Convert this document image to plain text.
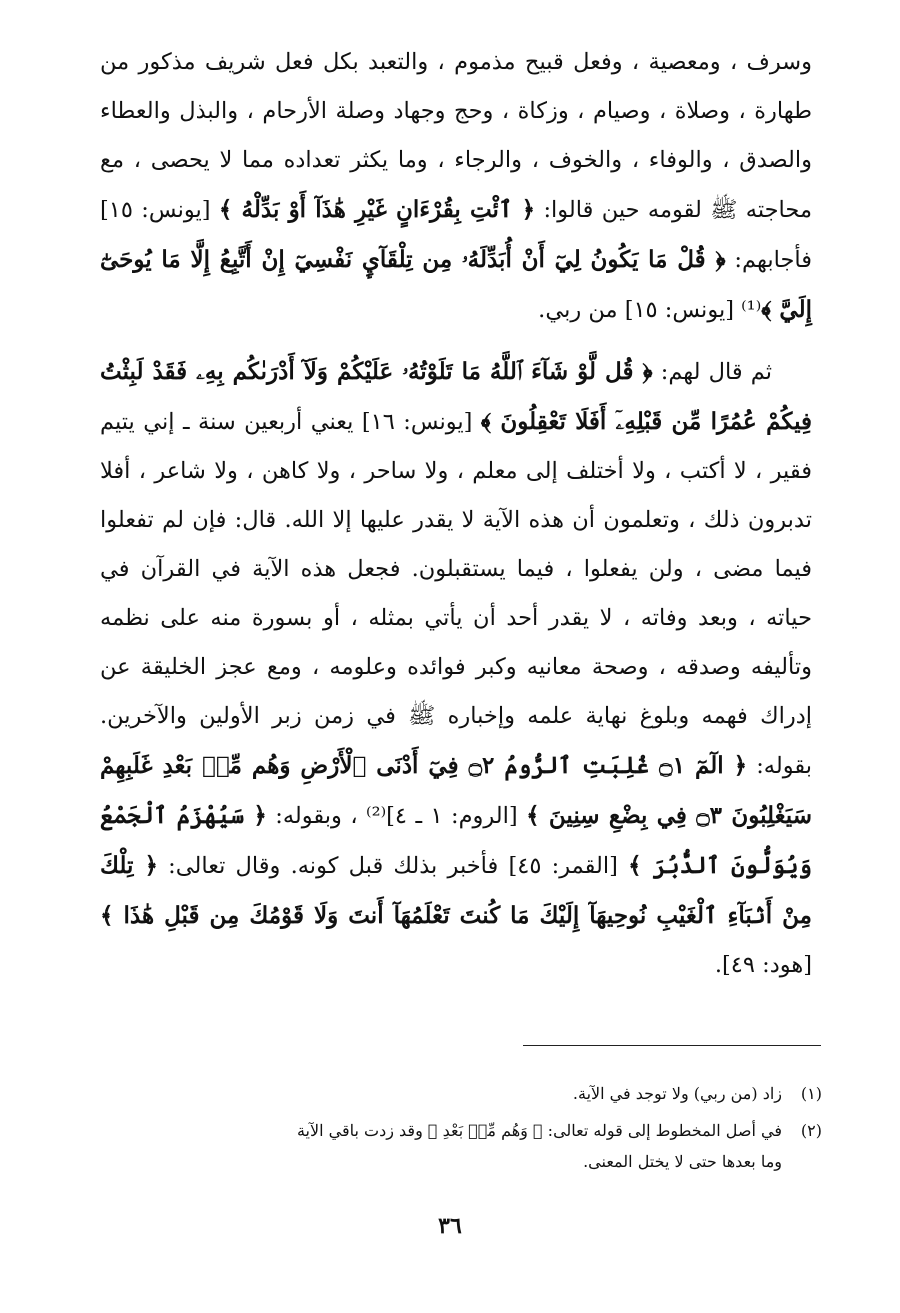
وسرف ، ومعصية ، وفعل قبيح مذموم ، والتعبد بكل فعل شريف مذكور من طهارة ، وصلاة ، وصيام ، وزكاة ، وحج وجهاد وصلة الأرحام ، والبذل والعطاء والصدق ، والوفاء ، والخوف ، والرجاء ، وما يكثر تعداده مما لا يحصى ، مع محاجته ﷺ لقومه حين قالوا: ﴿ ٱئْتِ بِقُرْءَانٍ غَيْرِ هَٰذَآ أَوْ بَدِّلْهُ ﴾ [يونس: ١٥] فأجابهم: ﴿ قُلْ مَا يَكُونُ لِيٓ أَنْ أُبَدِّلَهُۥ مِن تِلْقَآيِٕ نَفْسِيٓ إِنْ أَتَّبِعُ إِلَّا مَا يُوحَىٰٓ إِلَيَّ ﴾⁽¹⁾ [يونس: ١٥] من ربي.

ثم قال لهم: ﴿ قُل لَّوْ شَآءَ ٱللَّهُ مَا تَلَوْتُهُۥ عَلَيْكُمْ وَلَآ أَدْرَىٰكُم بِهِۦ فَقَدْ لَبِثْتُ فِيكُمْ عُمُرًا مِّن قَبْلِهِۦٓ أَفَلَا تَعْقِلُونَ ﴾ [يونس: ١٦] يعني أربعين سنة ـ إني يتيم فقير ، لا أكتب ، ولا أختلف إلى معلم ، ولا ساحر ، ولا كاهن ، ولا شاعر ، أفلا تدبرون ذلك ، وتعلمون أن هذه الآية لا يقدر عليها إلا الله. قال: فإن لم تفعلوا فيما مضى ، ولن يفعلوا ، فيما يستقبلون. فجعل هذه الآية في القرآن في حياته ، وبعد وفاته ، لا يقدر أحد أن يأتي بمثله ، أو بسورة منه على نظمه وتأليفه وصدقه ، وصحة معانيه وكبر فوائده وعلومه ، ومع عجز الخليقة عن إدراك فهمه وبلوغ نهاية علمه وإخباره ﷺ في زمن زبر الأولين والآخرين. بقوله: ﴿ الٓمٓ ۝١ غُلِبَتِ ٱلرُّومُ ۝٢ فِيٓ أَدْنَى ٱلْأَرْضِ وَهُم مِّنۢ بَعْدِ غَلَبِهِمْ سَيَغْلِبُونَ ۝٣ فِي بِضْعِ سِنِينَ ﴾ [الروم: ١ ـ ٤]⁽²⁾ ، وبقوله: ﴿ سَيُهْزَمُ ٱلْجَمْعُ وَيُوَلُّونَ ٱلدُّبُرَ ﴾ [القمر: ٤٥] فأخبر بذلك قبل كونه. وقال تعالى: ﴿ تِلْكَ مِنْ أَنۢبَآءِ ٱلْغَيْبِ نُوحِيهَآ إِلَيْكَ مَا كُنتَ تَعْلَمُهَآ أَنتَ وَلَا قَوْمُكَ مِن قَبْلِ هَٰذَا ﴾ [هود: ٤٩].

(١)
زاد (من ربي) ولا توجد في الآية.
(٢)
في أصل المخطوط إلى قوله تعالى: ﴿ وَهُم مِّنۢ بَعْدِ ﴾ وقد زدت باقي الآية
وما بعدها حتى لا يختل المعنى.
٣٦
